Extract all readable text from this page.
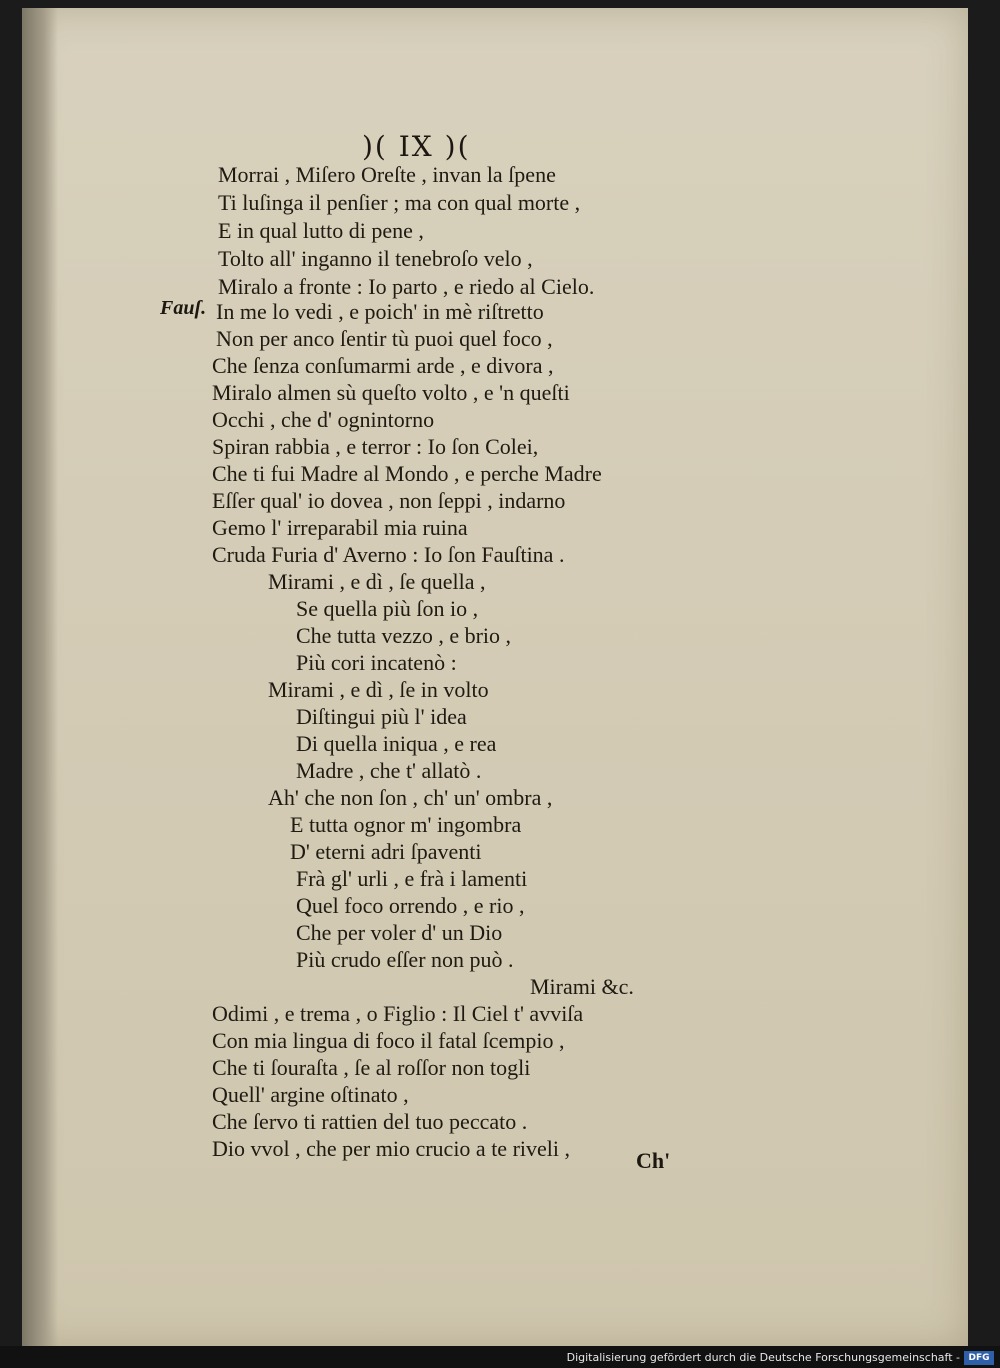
)( IX )(
Fauſ.
Morrai , Miſero Oreſte , invan la ſpene
Ti luſinga il penſier ; ma con qual morte ,
E in qual lutto di pene ,
Tolto all' inganno il tenebroſo velo ,
Miralo a fronte : Io parto , e riedo al Cielo.
In me lo vedi , e poich' in mè riſtretto
Non per anco ſentir tù puoi quel foco ,
Che ſenza conſumarmi arde , e divora ,
Miralo almen sù queſto volto , e 'n queſti
Occhi , che d' ognintorno
Spiran rabbia , e terror : Io ſon Colei,
Che ti fui Madre al Mondo , e perche Madre
Eſſer qual' io dovea , non ſeppi , indarno
Gemo l' irreparabil mia ruina
Cruda Furia d' Averno : Io ſon Fauſtina .
Mirami , e dì , ſe quella ,
Se quella più ſon io ,
Che tutta vezzo , e brio ,
Più cori incatenò :
Mirami , e dì , ſe in volto
Diſtingui più l' idea
Di quella iniqua , e rea
Madre , che t' allatò .
Ah' che non ſon , ch' un' ombra ,
E tutta ognor m' ingombra
D' eterni adri ſpaventi
Frà gl' urli , e frà i lamenti
Quel foco orrendo , e rio ,
Che per voler d' un Dio
Più crudo eſſer non può .
Mirami &c.
Odimi , e trema , o Figlio : Il Ciel t' avviſa
Con mia lingua di foco il fatal ſcempio ,
Che ti ſouraſta , ſe al roſſor non togli
Quell' argine oſtinato ,
Che ſervo ti rattien del tuo peccato .
Dio vvol , che per mio crucio a te riveli ,	Ch'
Digitalisierung gefördert durch die Deutsche Forschungsgemeinschaft - DFG
